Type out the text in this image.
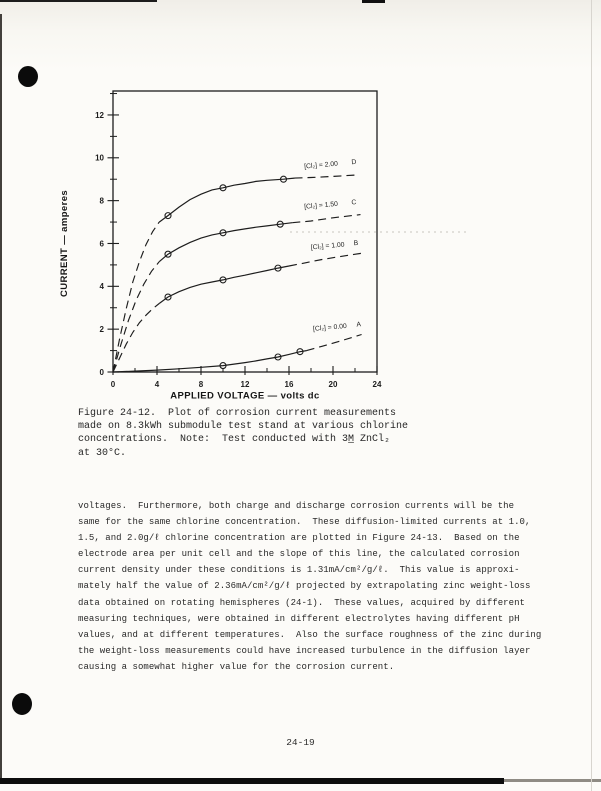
0	4	8	12	16	20	24
0
2
4
6
8
10
12
APPLIED VOLTAGE — volts dc
CURRENT — amperes
[Cl₂] = 2.00 D
[Cl₂] = 1.50 C
[Cl₂] = 1.00 B
[Cl₂] = 0.00 A
Figure 24-12.  Plot of corrosion current measurements
made on 8.3kWh submodule test stand at various chlorine
concentrations.  Note:  Test conducted with 3M̲ ZnCl₂
at 30°C.
voltages.  Furthermore, both charge and discharge corrosion currents will be the
same for the same chlorine concentration.  These diffusion-limited currents at 1.0,
1.5, and 2.0g/ℓ chlorine concentration are plotted in Figure 24-13.  Based on the
electrode area per unit cell and the slope of this line, the calculated corrosion
current density under these conditions is 1.31mA/cm²/g/ℓ.  This value is approxi-
mately half the value of 2.36mA/cm²/g/ℓ projected by extrapolating zinc weight-loss
data obtained on rotating hemispheres (24-1).  These values, acquired by different
measuring techniques, were obtained in different electrolytes having different pH
values, and at different temperatures.  Also the surface roughness of the zinc during
the weight-loss measurements could have increased turbulence in the diffusion layer
causing a somewhat higher value for the corrosion current.
24-19
